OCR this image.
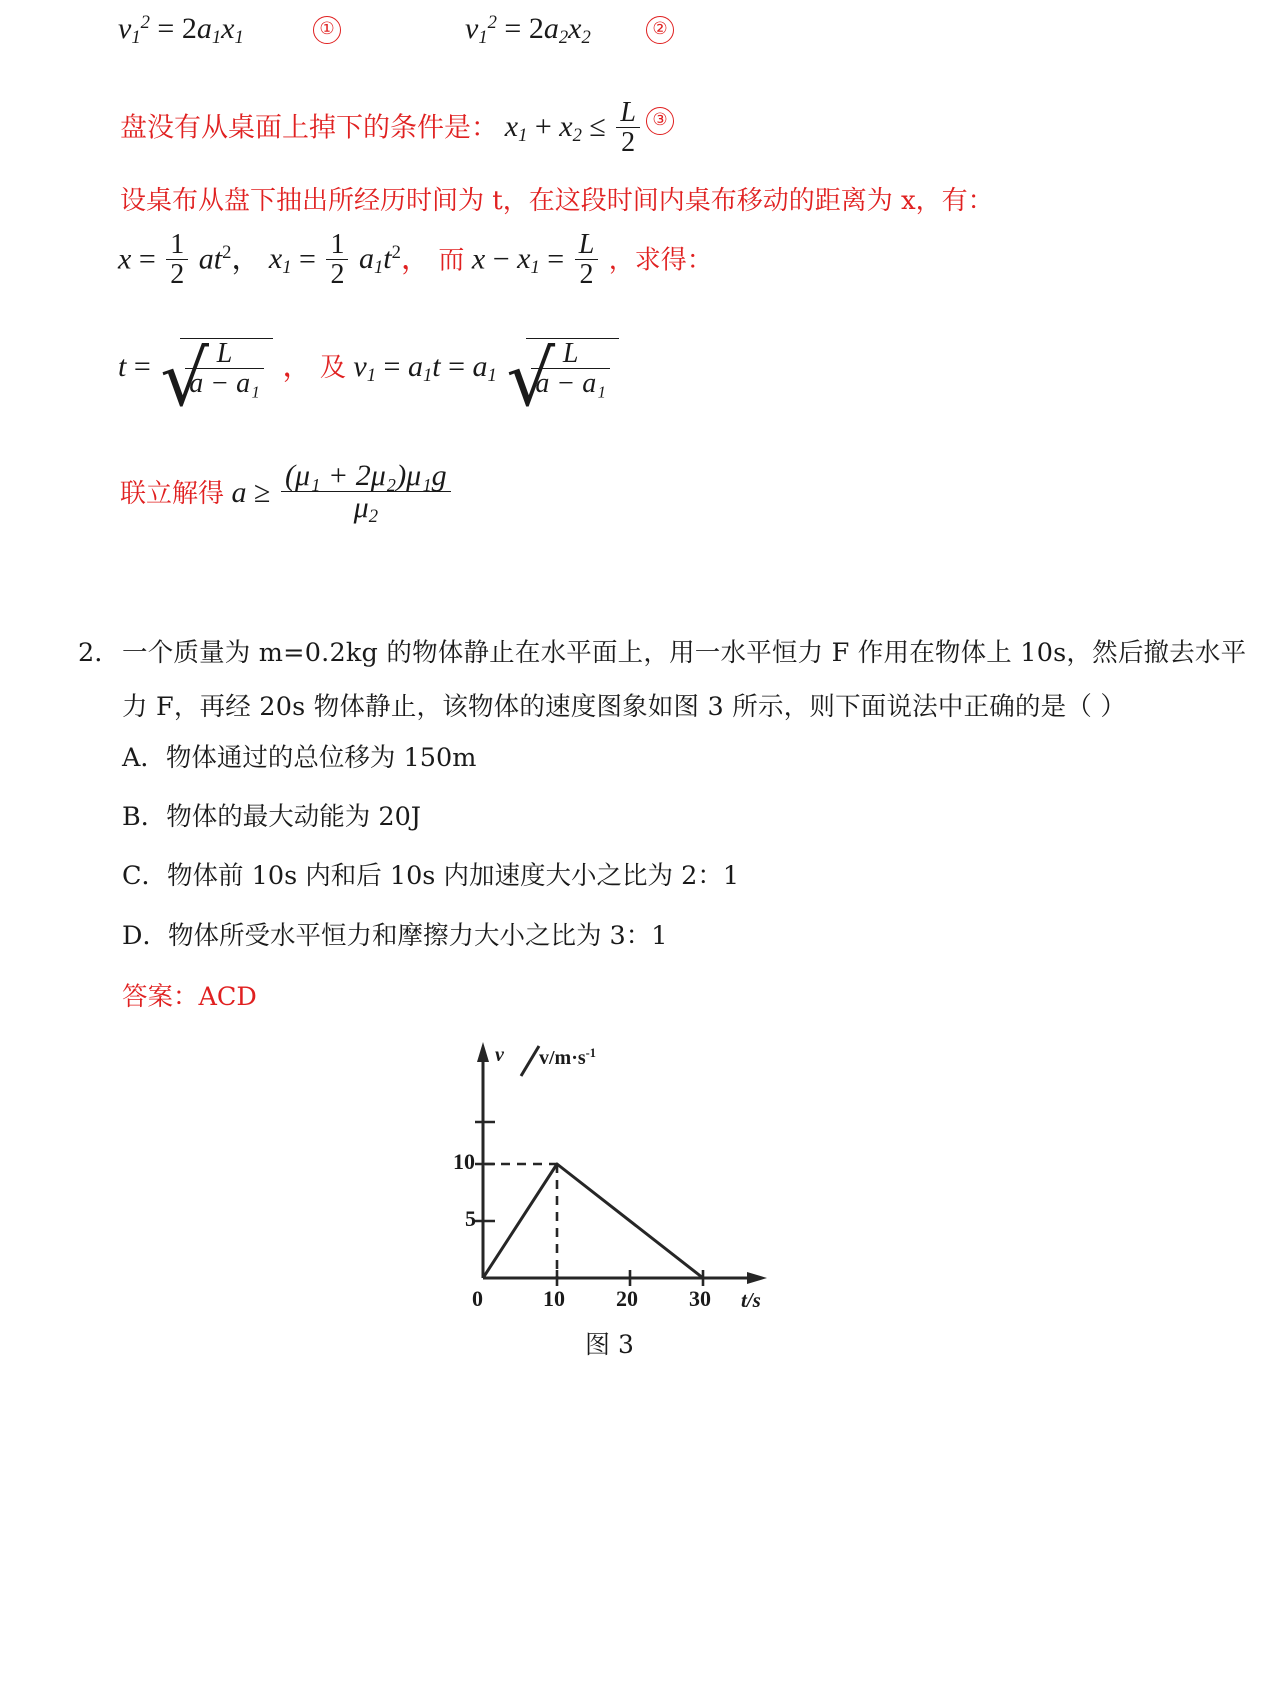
$v_1^2 = 2a_1x_1$	①	$v_1^2 = 2a_2x_2$	②
盘没有从桌面上掉下的条件是： $x_1 + x_2 \le \frac{L}{2}$ ③
设桌布从盘下抽出所经历时间为 t，在这段时间内桌布移动的距离为 x，有：
$x = \frac{1}{2} at^2$， $x_1 = \frac{1}{2} a_1t^2$， 而 $x - x_1 = \frac{L}{2}$ ，求得：
t = √
$\frac{L}{\text{a − a₁}}$ ， 及 $v_1 = a_1t = a_1$ √
$\frac{L}{\text{a − a₁}}$
联立解得 $a \ge \frac{\text{(μ₁ + 2μ₂)μ₁g}}{\mu_2}$
2． 一个质量为 m=0.2kg 的物体静止在水平面上，用一水平恒力 F 作用在物体上 10s，然后撤去水平
力 F，再经 20s 物体静止，该物体的速度图象如图 3 所示，则下面说法中正确的是（ ）
A．物体通过的总位移为 150m
B．物体的最大动能为 20J
C．物体前 10s 内和后 10s 内加速度大小之比为 2：1
D．物体所受水平恒力和摩擦力大小之比为 3：1
答案：ACD
v $v/m\cdot s^{-1}$
10
5
0	10 20 30 t/s
图 3
